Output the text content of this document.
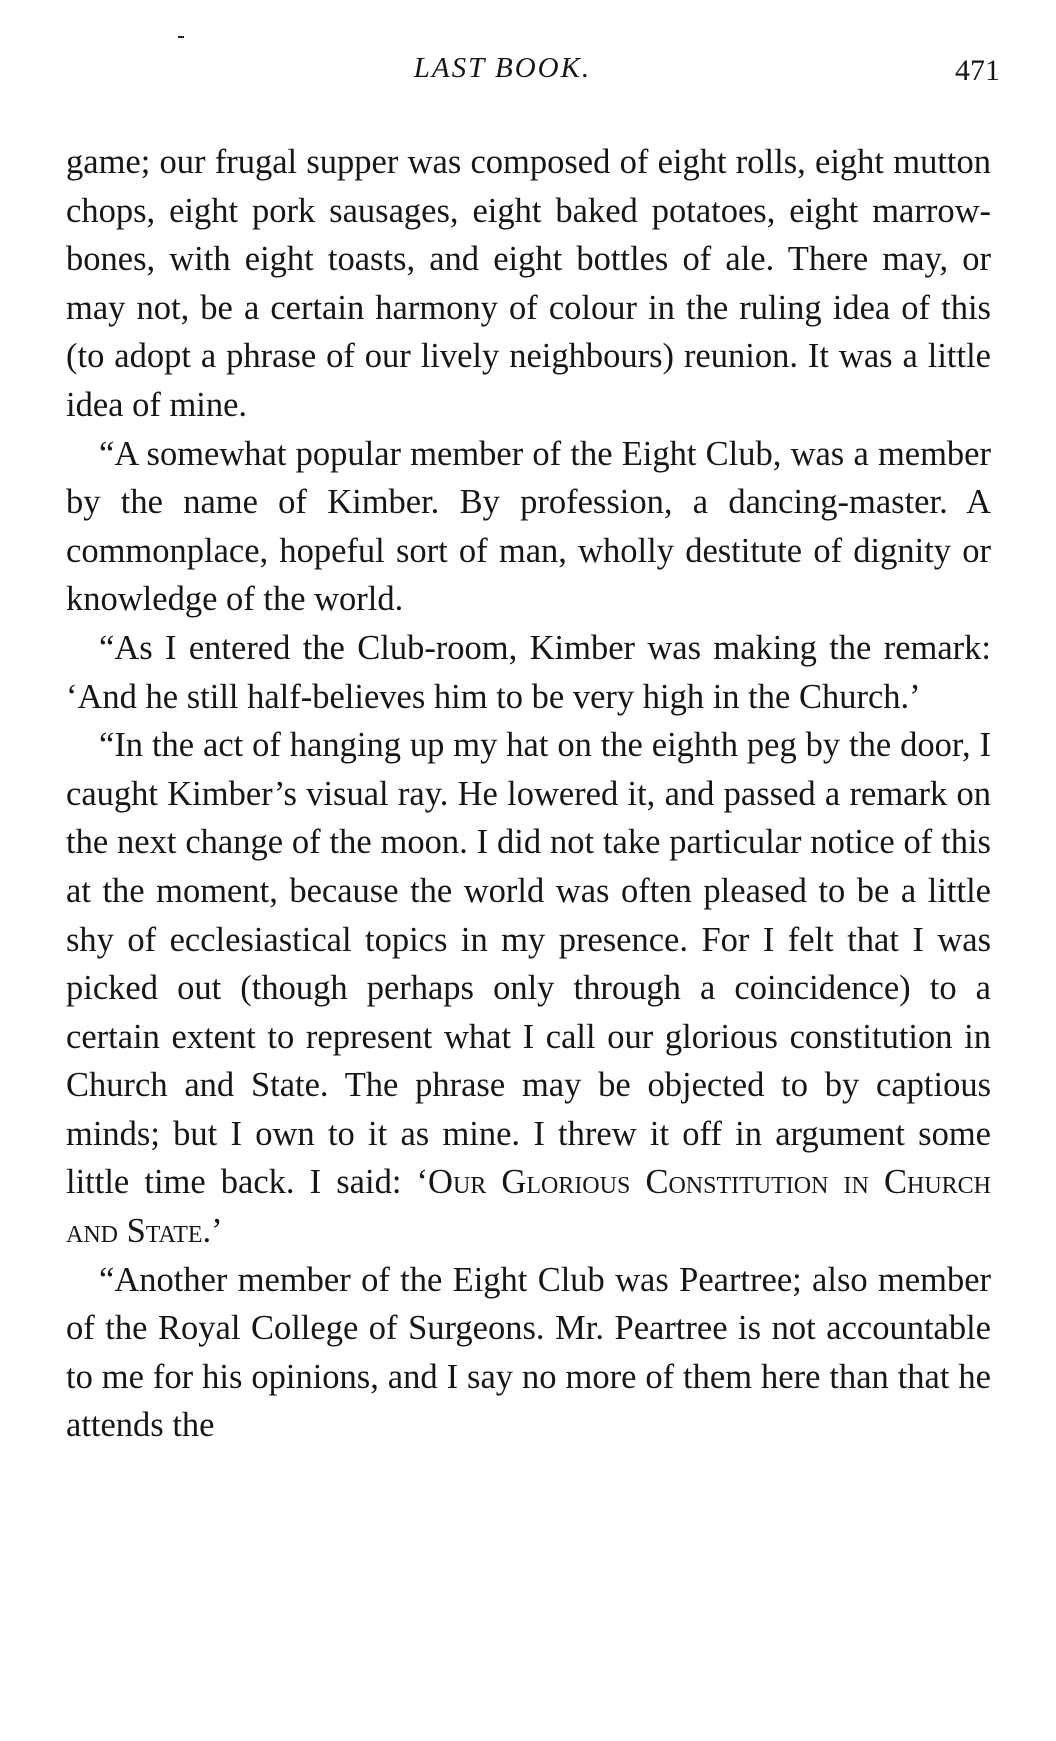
LAST BOOK.	471

game; our frugal supper was composed of eight rolls, eight mutton chops, eight pork sausages, eight baked potatoes, eight marrow-bones, with eight toasts, and eight bottles of ale. There may, or may not, be a certain harmony of colour in the ruling idea of this (to adopt a phrase of our lively neighbours) reunion. It was a little idea of mine.

“A somewhat popular member of the Eight Club, was a member by the name of Kimber. By profession, a dancing-master. A commonplace, hopeful sort of man, wholly destitute of dignity or knowledge of the world.

“As I entered the Club-room, Kimber was making the remark: ‘And he still half-believes him to be very high in the Church.’

“In the act of hanging up my hat on the eighth peg by the door, I caught Kimber’s visual ray. He lowered it, and passed a remark on the next change of the moon. I did not take particular notice of this at the moment, because the world was often pleased to be a little shy of ecclesiastical topics in my presence. For I felt that I was picked out (though perhaps only through a coincidence) to a certain extent to represent what I call our glorious constitution in Church and State. The phrase may be objected to by captious minds; but I own to it as mine. I threw it off in argument some little time back. I said: ‘Our Glorious Constitution in Church and State.’

“Another member of the Eight Club was Peartree; also member of the Royal College of Surgeons. Mr. Peartree is not accountable to me for his opinions, and I say no more of them here than that he attends the
